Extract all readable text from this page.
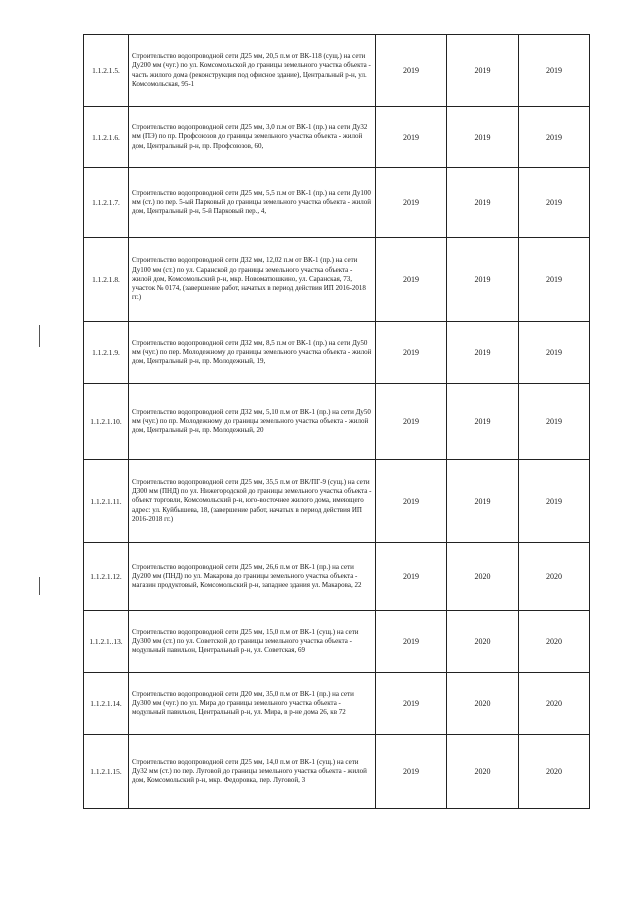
1.1.2.1.5.	Строительство водопроводной сети Д25 мм, 20,5 п.м от ВК-118 (сущ.) на сети Ду200 мм (чуг.) по ул. Комсомольской до границы земельного участка объекта - часть жилого дома (реконструкция под офисное здание), Центральный р-н, ул. Комсомольская, 95-1	2019	2019	2019
1.1.2.1.6.	Строительство водопроводной сети Д25 мм, 3,0 п.м от ВК-1 (пр.) на сети Ду32 мм (ПЭ) по пр. Профсоюзов до границы земельного участка объекта - жилой дом, Центральный р-н, пр. Профсоюзов, 60,	2019	2019	2019
1.1.2.1.7.	Строительство водопроводной сети Д25 мм, 5,5 п.м от ВК-1 (пр.) на сети Ду100 мм (ст.) по пер. 5-ый Парковый до границы земельного участка объекта - жилой дом, Центральный р-н, 5-й Парковый пер., 4,	2019	2019	2019
1.1.2.1.8.	Строительство водопроводной сети Д32 мм, 12,02 п.м от ВК-1 (пр.) на сети Ду100 мм (ст.) по ул. Саранской до границы земельного участка объекта - жилой дом, Комсомольский р-н, мкр. Новоматюшкино, ул. Саранская, 73, участок № 0174, (завершение работ, начатых в период действия ИП 2016-2018 гг.)	2019	2019	2019
1.1.2.1.9.	Строительство водопроводной сети Д32 мм, 8,5 п.м от ВК-1 (пр.) на сети Ду50 мм (чуг.) по пер. Молодежному до границы земельного участка объекта - жилой дом, Центральный р-н, пр. Молодежный, 19,	2019	2019	2019
1.1.2.1.10.	Строительство водопроводной сети Д32 мм, 5,10 п.м от ВК-1 (пр.) на сети Ду50 мм (чуг.) по пр. Молодежному до границы земельного участка объекта - жилой дом, Центральный р-н, пр. Молодежный, 20	2019	2019	2019
1.1.2.1.11.	Строительство водопроводной сети Д25 мм, 35,5 п.м от ВК/ПГ-9 (сущ.) на сети Д300 мм (ПНД) по ул. Нижегородской до границы земельного участка объекта - объект торговли, Комсомольский р-н, юго-восточнее жилого дома, имеющего адрес: ул. Куйбышева, 18, (завершение работ, начатых в период действия ИП 2016-2018 гг.)	2019	2019	2019
1.1.2.1.12.	Строительство водопроводной сети Д25 мм, 26,6 п.м от ВК-1 (пр.) на сети Ду200 мм (ПНД) по ул. Макарова до границы земельного участка объекта - магазин продуктовый, Комсомольский р-н, западнее здания ул. Макарова, 22	2019	2020	2020
1.1.2.1..13.	Строительство водопроводной сети Д25 мм, 15,0 п.м от ВК-1 (сущ.) на сети Ду300 мм (ст.) по ул. Советской до границы земельного участка объекта - модульный павильон, Центральный р-н, ул. Советская, 69	2019	2020	2020
1.1.2.1.14.	Строительство водопроводной сети Д20 мм, 35,0 п.м от ВК-1 (пр.) на сети Ду300 мм (чуг.) по ул. Мира до границы земельного участка объекта - модульный павильон, Центральный р-н, ул. Мира, в р-не дома 26, кв 72	2019	2020	2020
1.1.2.1.15.	Строительство водопроводной сети Д25 мм, 14,0 п.м от ВК-1 (сущ.) на сети Ду32 мм (ст.) по пер. Луговой до границы земельного участка объекта - жилой дом, Комсомольский р-н, мкр. Федоровка, пер. Луговой, 3	2019	2020	2020
